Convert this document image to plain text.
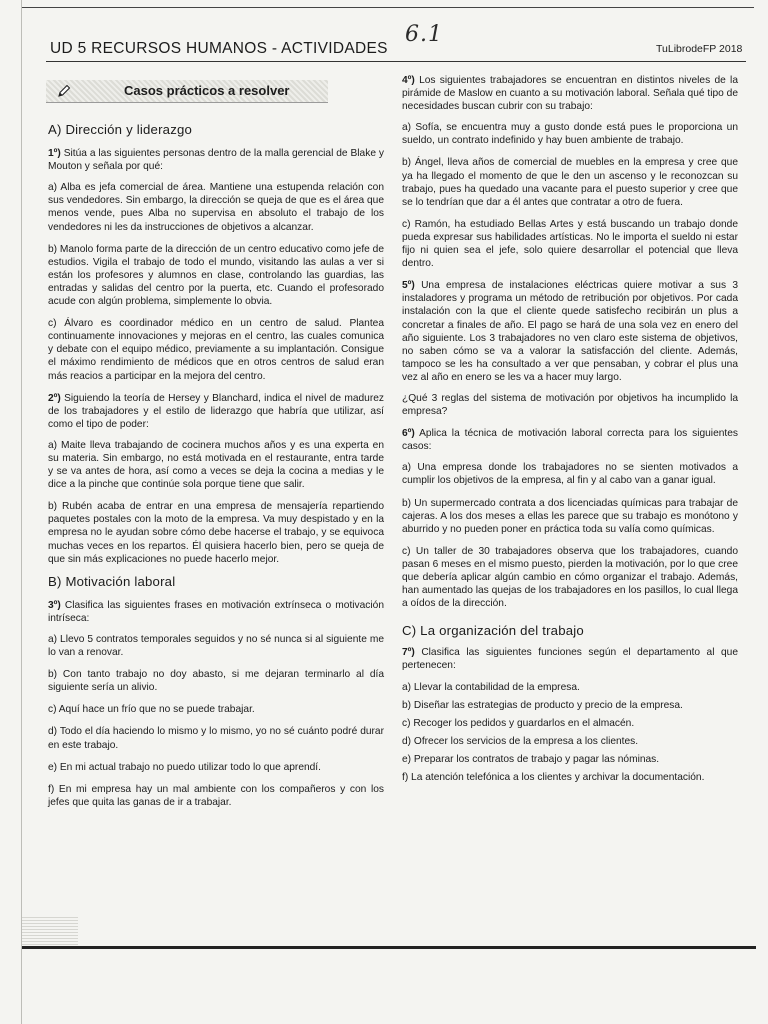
6.1
UD 5 RECURSOS HUMANOS - ACTIVIDADES	TuLibrodeFP 2018
Casos prácticos a resolver
A) Dirección y liderazgo

1º) Sitúa a las siguientes personas dentro de la malla gerencial de Blake y Mouton y señala por qué:

a) Alba es jefa comercial de área. Mantiene una estupenda relación con sus vendedores. Sin embargo, la dirección se queja de que es el área que menos vende, pues Alba no supervisa en absoluto el trabajo de los vendedores ni les da instrucciones de objetivos a alcanzar.

b) Manolo forma parte de la dirección de un centro educativo como jefe de estudios. Vigila el trabajo de todo el mundo, visitando las aulas a ver si están los profesores y alumnos en clase, controlando las guardias, las entradas y salidas del centro por la puerta, etc. Cuando el profesorado acude con algún problema, simplemente lo obvia.

c) Álvaro es coordinador médico en un centro de salud. Plantea continuamente innovaciones y mejoras en el centro, las cuales comunica y debate con el equipo médico, previamente a su implantación. Consigue el máximo rendimiento de médicos que en otros centros de salud eran más reacios a participar en la mejora del centro.

2º) Siguiendo la teoría de Hersey y Blanchard, indica el nivel de madurez de los trabajadores y el estilo de liderazgo que habría que utilizar, así como el tipo de poder:

a) Maite lleva trabajando de cocinera muchos años y es una experta en su materia. Sin embargo, no está motivada en el restaurante, entra tarde y se va antes de hora, así como a veces se deja la cocina a medias y le dice a la pinche que continúe sola porque tiene que salir.

b) Rubén acaba de entrar en una empresa de mensajería repartiendo paquetes postales con la moto de la empresa. Va muy despistado y en la empresa no le ayudan sobre cómo debe hacerse el trabajo, y se equivoca muchas veces en los repartos. Él quisiera hacerlo bien, pero se queja de que sin más explicaciones no puede hacerlo mejor.

B) Motivación laboral

3º) Clasifica las siguientes frases en motivación extrínseca o motivación intríseca:

a) Llevo 5 contratos temporales seguidos y no sé nunca si al siguiente me lo van a renovar.

b) Con tanto trabajo no doy abasto, si me dejaran terminarlo al día siguiente sería un alivio.

c) Aquí hace un frío que no se puede trabajar.

d) Todo el día haciendo lo mismo y lo mismo, yo no sé cuánto podré durar en este trabajo.

e) En mi actual trabajo no puedo utilizar todo lo que aprendí.

f) En mi empresa hay un mal ambiente con los compañeros y con los jefes que quita las ganas de ir a trabajar.

4º) Los siguientes trabajadores se encuentran en distintos niveles de la pirámide de Maslow en cuanto a su motivación laboral. Señala qué tipo de necesidades buscan cubrir con su trabajo:

a) Sofía, se encuentra muy a gusto donde está pues le proporciona un sueldo, un contrato indefinido y hay buen ambiente de trabajo.

b) Ángel, lleva años de comercial de muebles en la empresa y cree que ya ha llegado el momento de que le den un ascenso y le reconozcan su trabajo, pues ha quedado una vacante para el puesto superior y cree que se lo tendrían que dar a él antes que contratar a otro de fuera.

c) Ramón, ha estudiado Bellas Artes y está buscando un trabajo donde pueda expresar sus habilidades artísticas. No le importa el sueldo ni estar fijo ni quien sea el jefe, solo quiere desarrollar el potencial que lleva dentro.

5º) Una empresa de instalaciones eléctricas quiere motivar a sus 3 instaladores y programa un método de retribución por objetivos. Por cada instalación con la que el cliente quede satisfecho recibirán un plus a concretar a finales de año. El pago se hará de una sola vez en enero del año siguiente. Los 3 trabajadores no ven claro este sistema de objetivos, no saben cómo se va a valorar la satisfacción del cliente. Además, tampoco se les ha consultado a ver que pensaban, y cobrar el plus una vez al año en enero se les va a hacer muy largo.

¿Qué 3 reglas del sistema de motivación por objetivos ha incumplido la empresa?

6º) Aplica la técnica de motivación laboral correcta para los siguientes casos:

a) Una empresa donde los trabajadores no se sienten motivados a cumplir los objetivos de la empresa, al fin y al cabo van a ganar igual.

b) Un supermercado contrata a dos licenciadas químicas para trabajar de cajeras. A los dos meses a ellas les parece que su trabajo es monótono y aburrido y no pueden poner en práctica toda su valía como químicas.

c) Un taller de 30 trabajadores observa que los trabajadores, cuando pasan 6 meses en el mismo puesto, pierden la motivación, por lo que cree que debería aplicar algún cambio en cómo organizar el trabajo. Además, han aumentado las quejas de los trabajadores en los pasillos, lo cual llega a oídos de la dirección.

C) La organización del trabajo

7º) Clasifica las siguientes funciones según el departamento al que pertenecen:

a) Llevar la contabilidad de la empresa.

b) Diseñar las estrategias de producto y precio de la empresa.

c) Recoger los pedidos y guardarlos en el almacén.

d) Ofrecer los servicios de la empresa a los clientes.

e) Preparar los contratos de trabajo y pagar las nóminas.

f) La atención telefónica a los clientes y archivar la documentación.
